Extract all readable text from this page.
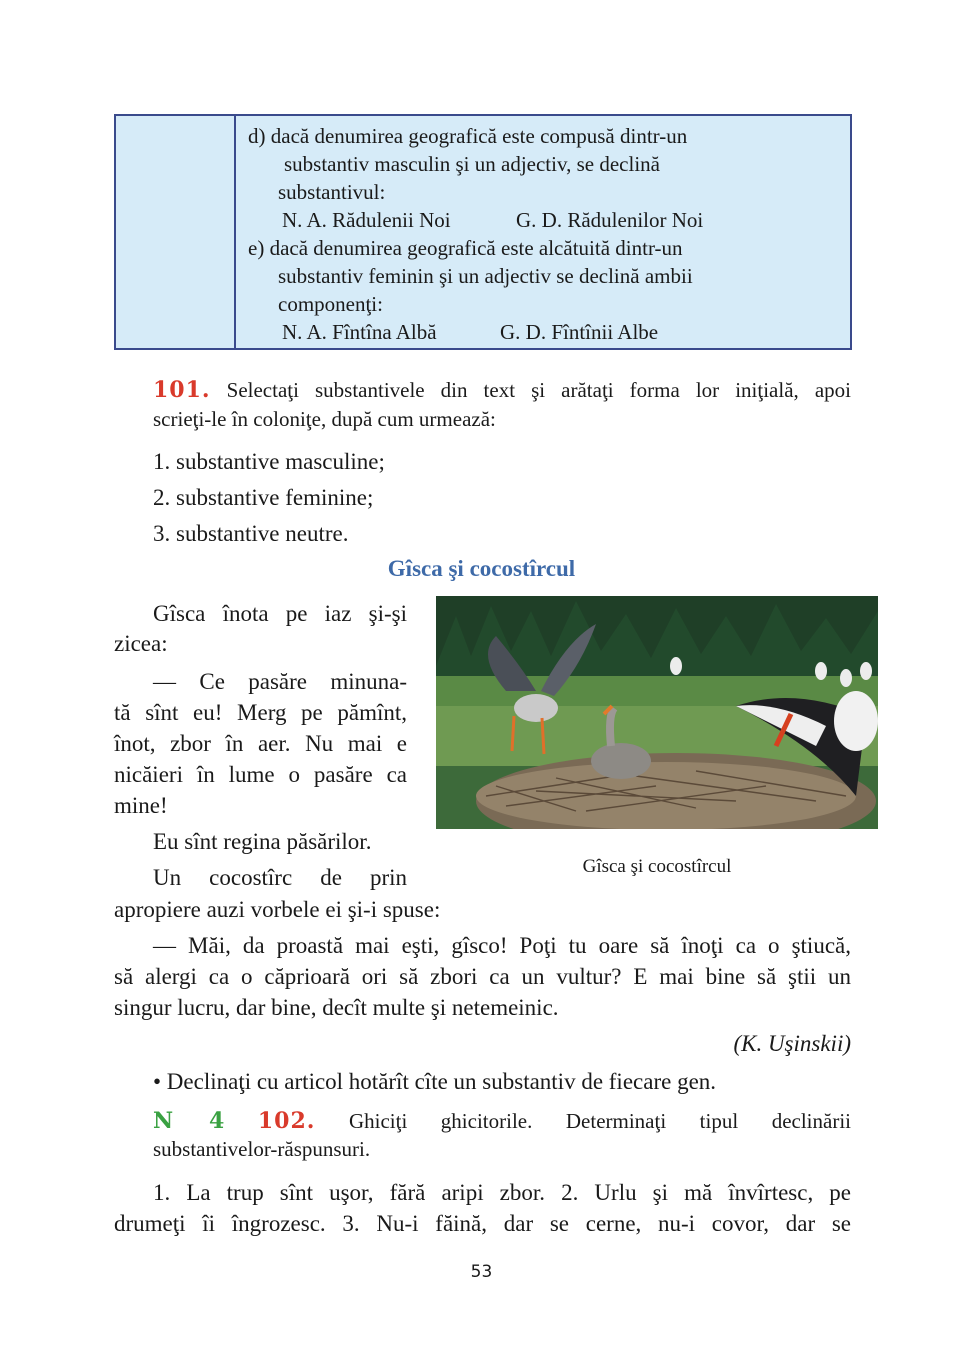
d) dacă denumirea geografică este compusă dintr-un
substantiv masculin şi un adjectiv, se declină
substantivul:
N. A. Rădulenii Noi	G. D. Rădulenilor Noi
e) dacă denumirea geografică este alcătuită dintr-un
substantiv feminin şi un adjectiv se declină ambii
componenţi:
N. A. Fîntîna Albă	G. D. Fîntînii Albe
101. Selectaţi substantivele din text şi arătaţi forma lor iniţială, apoi
scrieţi-le în coloniţe, după cum urmează:
1. substantive masculine;
2. substantive feminine;
3. substantive neutre.
Gîsca şi cocostîrcul
Gîsca înota pe iaz şi-şi
zicea:
— Ce pasăre minuna-
tă sînt eu! Merg pe pămînt,
înot, zbor în aer. Nu mai e
nicăieri în lume o pasăre ca
mine!
Eu sînt regina păsărilor.
Un cocostîrc de prin
apropiere auzi vorbele ei şi-i spuse:
Gîsca şi cocostîrcul
— Măi, da proastă mai eşti, gîsco! Poţi tu oare să înoţi ca o ştiucă,
să alergi ca o căprioară ori să zbori ca un vultur? E mai bine să ştii un
singur lucru, dar bine, decît multe şi netemeinic.
(K. Uşinskii)
• Declinaţi cu articol hotărît cîte un substantiv de fiecare gen.
N 4 102. Ghiciţi ghicitorile. Determinaţi tipul declinării
substantivelor-răspunsuri.
1. La trup sînt uşor, fără aripi zbor. 2. Urlu şi mă învîrtesc, pe
drumeţi îi îngrozesc. 3. Nu-i făină, dar se cerne, nu-i covor, dar se
53
